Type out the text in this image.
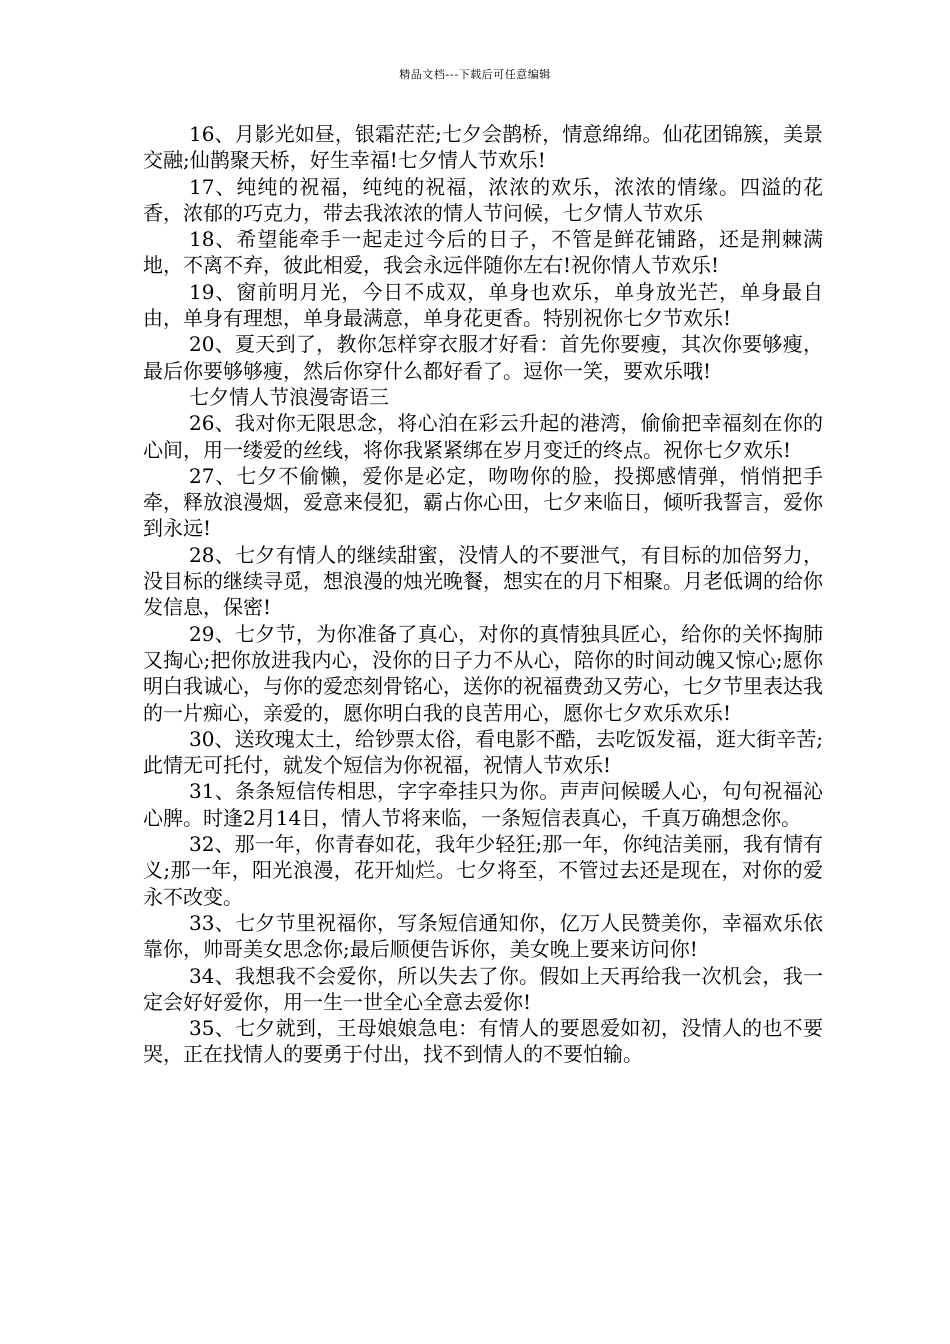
精品文档---下载后可任意编辑

16、月影光如昼，银霜茫茫;七夕会鹊桥，情意绵绵。仙花团锦簇，美景交融;仙鹊聚天桥，好生幸福!七夕情人节欢乐!

17、纯纯的祝福，纯纯的祝福，浓浓的欢乐，浓浓的情缘。四溢的花香，浓郁的巧克力，带去我浓浓的情人节问候，七夕情人节欢乐

18、希望能牵手一起走过今后的日子，不管是鲜花铺路，还是荆棘满地，不离不弃，彼此相爱，我会永远伴随你左右!祝你情人节欢乐!

19、窗前明月光，今日不成双，单身也欢乐，单身放光芒，单身最自由，单身有理想，单身最满意，单身花更香。特别祝你七夕节欢乐!

20、夏天到了，教你怎样穿衣服才好看：首先你要瘦，其次你要够瘦，最后你要够够瘦，然后你穿什么都好看了。逗你一笑，要欢乐哦!

七夕情人节浪漫寄语三

26、我对你无限思念，将心泊在彩云升起的港湾，偷偷把幸福刻在你的心间，用一缕爱的丝线，将你我紧紧绑在岁月变迁的终点。祝你七夕欢乐!

27、七夕不偷懒，爱你是必定，吻吻你的脸，投掷感情弹，悄悄把手牵，释放浪漫烟，爱意来侵犯，霸占你心田，七夕来临日，倾听我誓言，爱你到永远!

28、七夕有情人的继续甜蜜，没情人的不要泄气，有目标的加倍努力，没目标的继续寻觅，想浪漫的烛光晚餐，想实在的月下相聚。月老低调的给你发信息，保密!

29、七夕节，为你准备了真心，对你的真情独具匠心，给你的关怀掏肺又掏心;把你放进我内心，没你的日子力不从心，陪你的时间动魄又惊心;愿你明白我诚心，与你的爱恋刻骨铭心，送你的祝福费劲又劳心，七夕节里表达我的一片痴心，亲爱的，愿你明白我的良苦用心，愿你七夕欢乐欢乐!

30、送玫瑰太土，给钞票太俗，看电影不酷，去吃饭发福，逛大街辛苦;此情无可托付，就发个短信为你祝福，祝情人节欢乐!

31、条条短信传相思，字字牵挂只为你。声声问候暖人心，句句祝福沁心脾。时逢2月14日，情人节将来临，一条短信表真心，千真万确想念你。

32、那一年，你青春如花，我年少轻狂;那一年，你纯洁美丽，我有情有义;那一年，阳光浪漫，花开灿烂。七夕将至，不管过去还是现在，对你的爱永不改变。

33、七夕节里祝福你，写条短信通知你，亿万人民赞美你，幸福欢乐依靠你，帅哥美女思念你;最后顺便告诉你，美女晚上要来访问你!

34、我想我不会爱你，所以失去了你。假如上天再给我一次机会，我一定会好好爱你，用一生一世全心全意去爱你!

35、七夕就到，王母娘娘急电：有情人的要恩爱如初，没情人的也不要哭，正在找情人的要勇于付出，找不到情人的不要怕输。
